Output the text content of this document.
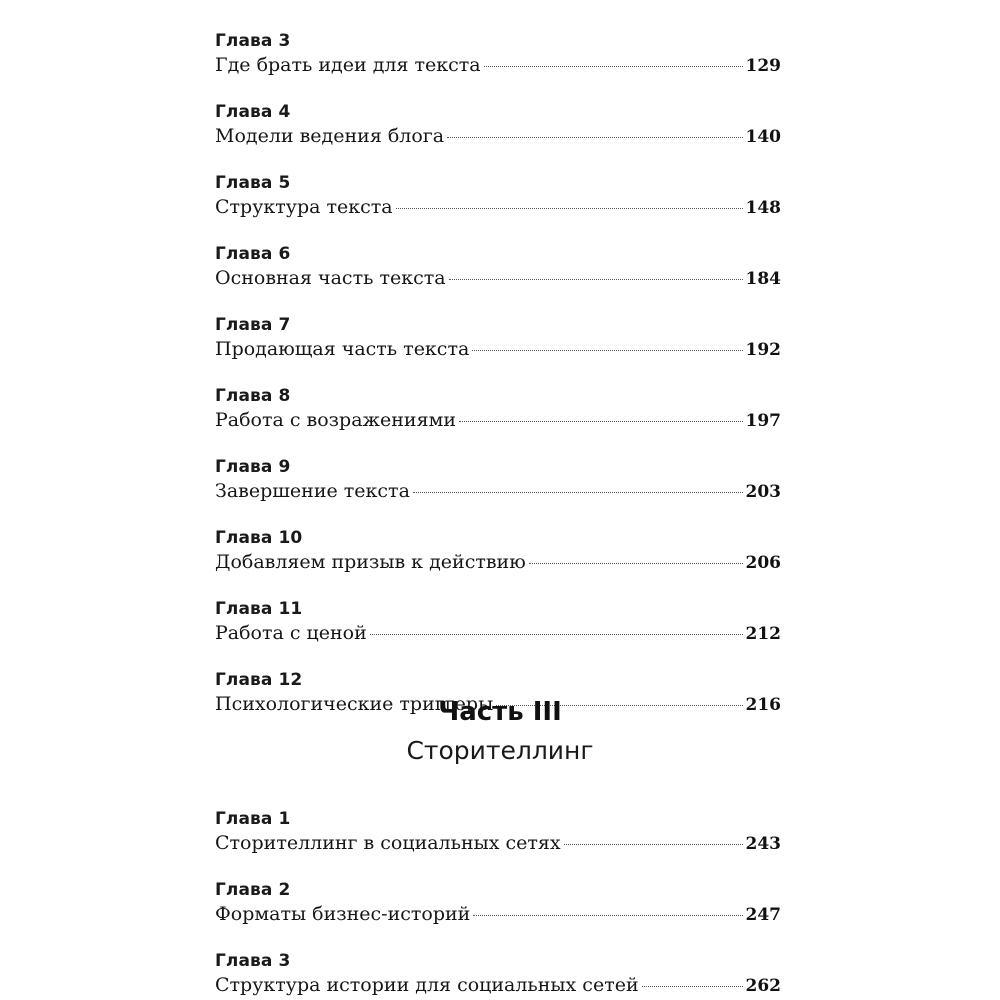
Глава 3
Где брать идеи для текста	129
Глава 4
Модели ведения блога	140
Глава 5
Структура текста	148
Глава 6
Основная часть текста	184
Глава 7
Продающая часть текста	192
Глава 8
Работа с возражениями	197
Глава 9
Завершение текста	203
Глава 10
Добавляем призыв к действию	206
Глава 11
Работа с ценой	212
Глава 12
Психологические триггеры	216
Часть III
Сторителлинг
Глава 1
Сторителлинг в социальных сетях	243
Глава 2
Форматы бизнес-историй	247
Глава 3
Структура истории для социальных сетей	262
